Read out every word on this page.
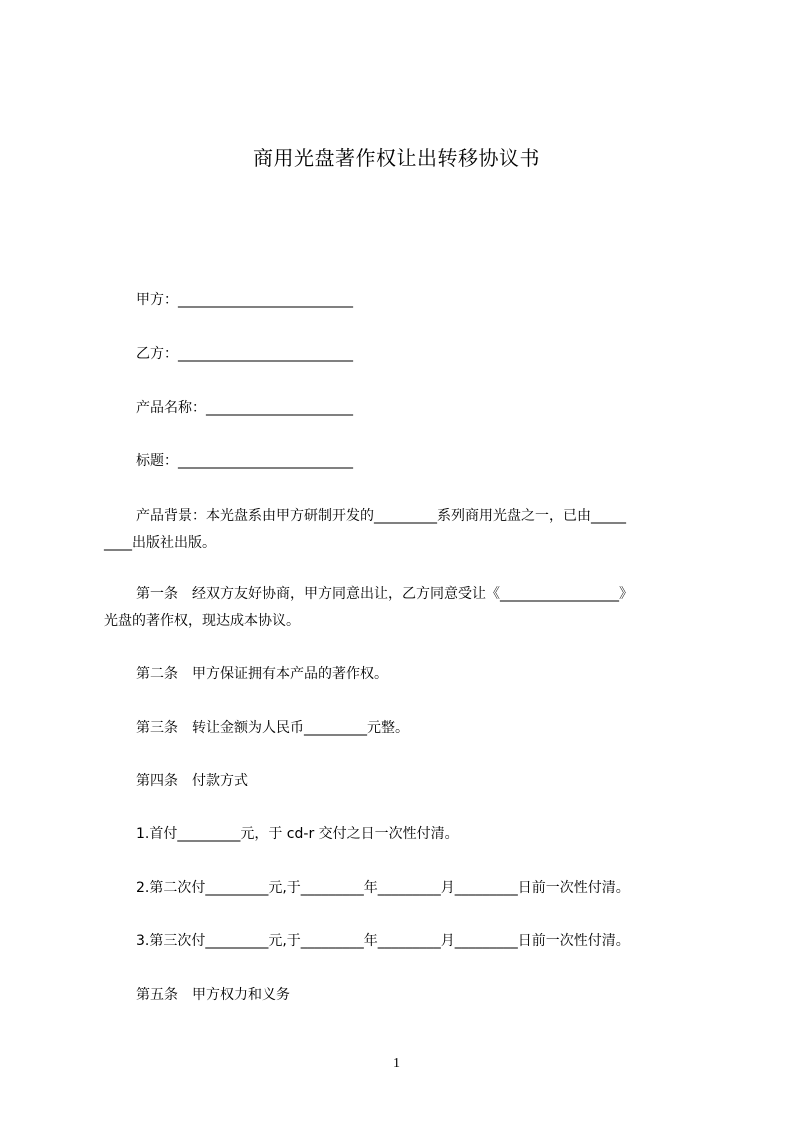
商用光盘著作权让出转移协议书
甲方：_________________________
乙方：_________________________
产品名称：_____________________
标题：_________________________
产品背景：本光盘系由甲方研制开发的_________系列商用光盘之一，已由_____
____出版社出版。
第一条　经双方友好协商，甲方同意出让，乙方同意受让《_________________》
光盘的著作权，现达成本协议。
第二条　甲方保证拥有本产品的著作权。
第三条　转让金额为人民币_________元整。
第四条　付款方式
1.首付_________元，于 cd-r 交付之日一次性付清。
2.第二次付_________元,于_________年_________月_________日前一次性付清。
3.第三次付_________元,于_________年_________月_________日前一次性付清。
第五条　甲方权力和义务
1
